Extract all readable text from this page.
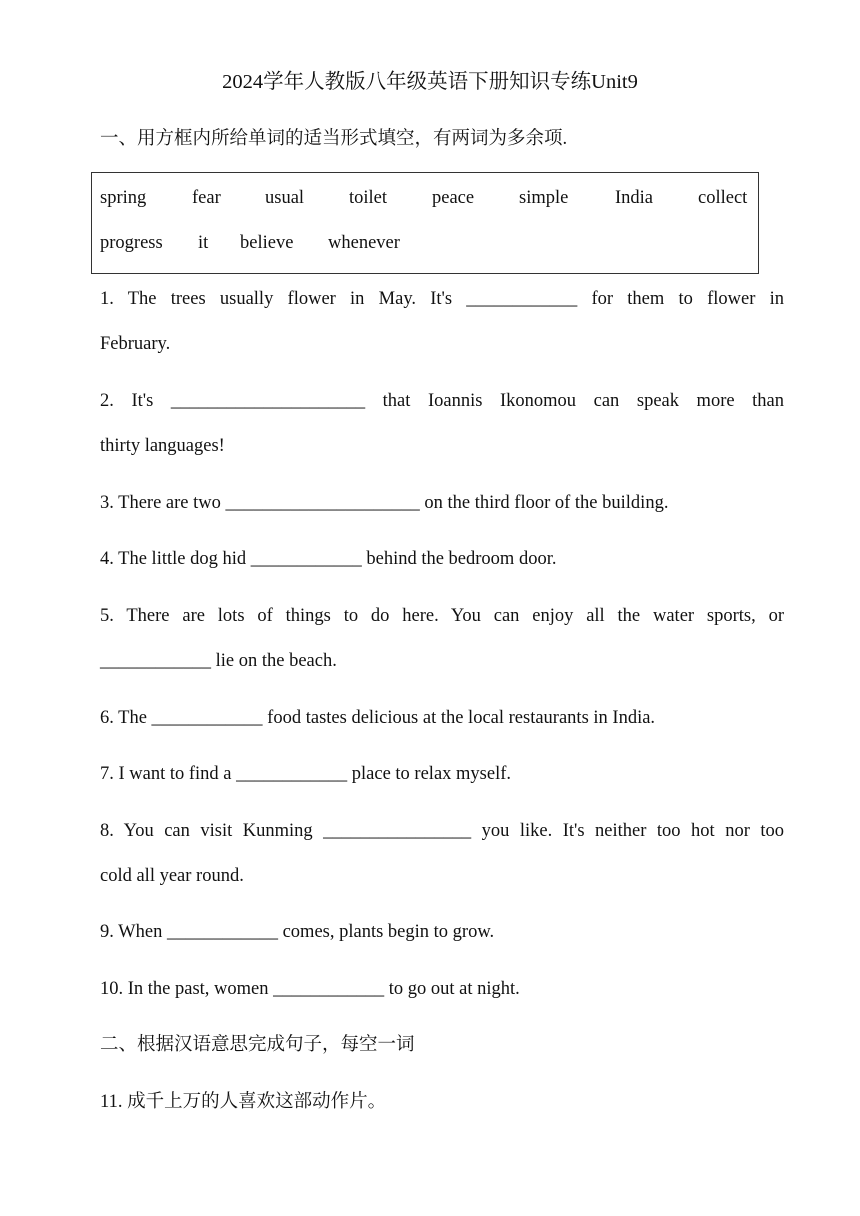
2024学年人教版八年级英语下册知识专练Unit9
一、用方框内所给单词的适当形式填空，有两词为多余项.
spring fear usual toilet peace simple	India collect
progress it believe whenever
1. The trees usually flower in May. It's ____________ for them to flower in
February.
2. It's _____________________ that Ioannis Ikonomou can speak more than
thirty languages!
3. There are two _____________________ on the third floor of the building.
4. The little dog hid ____________ behind the bedroom door.
5. There are lots of things to do here. You can enjoy all the water sports, or
____________ lie on the beach.
6. The ____________ food tastes delicious at the local restaurants in India.
7. I want to find a ____________ place to relax myself.
8. You can visit Kunming ________________ you like. It's neither too hot nor too
cold all year round.
9. When ____________ comes, plants begin to grow.
10. In the past, women ____________ to go out at night.
二、根据汉语意思完成句子，每空一词
11. 成千上万的人喜欢这部动作片。
